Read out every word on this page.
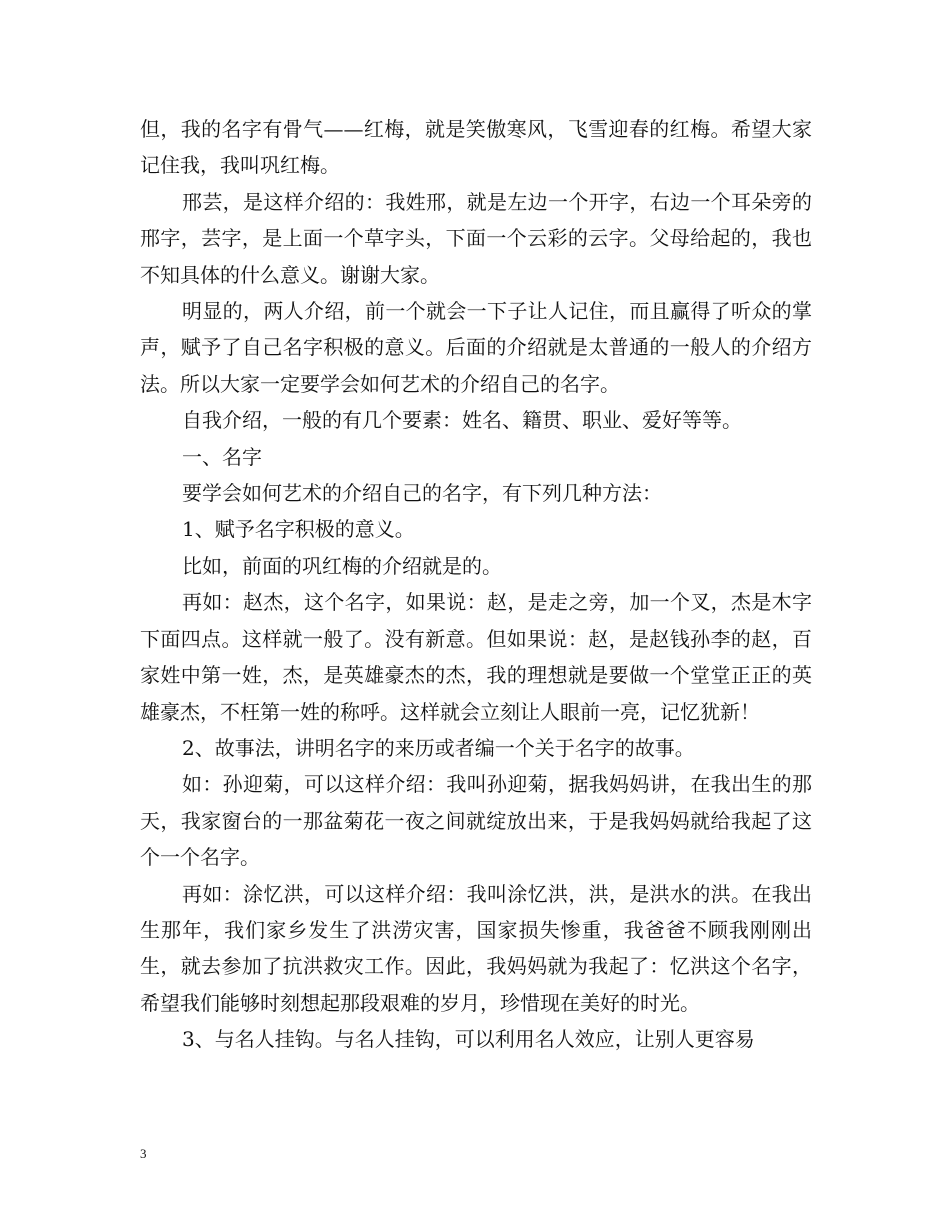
但，我的名字有骨气——红梅，就是笑傲寒风，飞雪迎春的红梅。希望大家记住我，我叫巩红梅。

邢芸，是这样介绍的：我姓邢，就是左边一个开字，右边一个耳朵旁的邢字，芸字，是上面一个草字头，下面一个云彩的云字。父母给起的，我也不知具体的什么意义。谢谢大家。

明显的，两人介绍，前一个就会一下子让人记住，而且赢得了听众的掌声，赋予了自己名字积极的意义。后面的介绍就是太普通的一般人的介绍方法。所以大家一定要学会如何艺术的介绍自己的名字。

自我介绍，一般的有几个要素：姓名、籍贯、职业、爱好等等。

一、名字

要学会如何艺术的介绍自己的名字，有下列几种方法：

1、赋予名字积极的意义。

比如，前面的巩红梅的介绍就是的。

再如：赵杰，这个名字，如果说：赵，是走之旁，加一个叉，杰是木字下面四点。这样就一般了。没有新意。但如果说：赵，是赵钱孙李的赵，百家姓中第一姓，杰，是英雄豪杰的杰，我的理想就是要做一个堂堂正正的英雄豪杰，不枉第一姓的称呼。这样就会立刻让人眼前一亮，记忆犹新！

2、故事法，讲明名字的来历或者编一个关于名字的故事。

如：孙迎菊，可以这样介绍：我叫孙迎菊，据我妈妈讲，在我出生的那天，我家窗台的一那盆菊花一夜之间就绽放出来，于是我妈妈就给我起了这个一个名字。

再如：涂忆洪，可以这样介绍：我叫涂忆洪，洪，是洪水的洪。在我出生那年，我们家乡发生了洪涝灾害，国家损失惨重，我爸爸不顾我刚刚出生，就去参加了抗洪救灾工作。因此，我妈妈就为我起了：忆洪这个名字，希望我们能够时刻想起那段艰难的岁月，珍惜现在美好的时光。

3、与名人挂钩。与名人挂钩，可以利用名人效应，让别人更容易

3
